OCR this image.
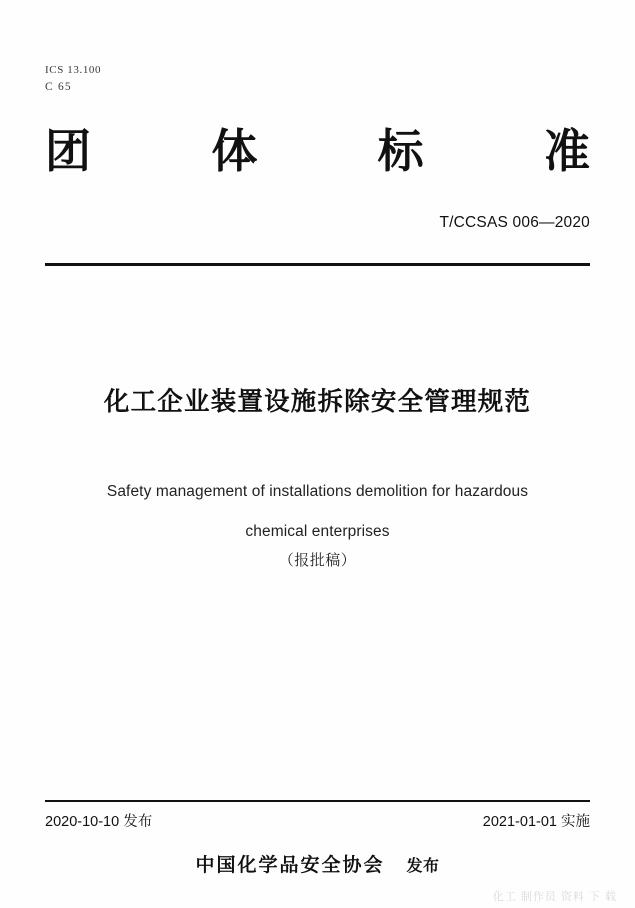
ICS 13.100
C 65
团	体	标	准
T/CCSAS 006—2020
化工企业装置设施拆除安全管理规范
Safety management of installations demolition for hazardous
chemical enterprises
（报批稿）
2020-10-10 发布	2021-01-01 实施
中国化学品安全协会 发布
化工 制作员 资料 下 载
